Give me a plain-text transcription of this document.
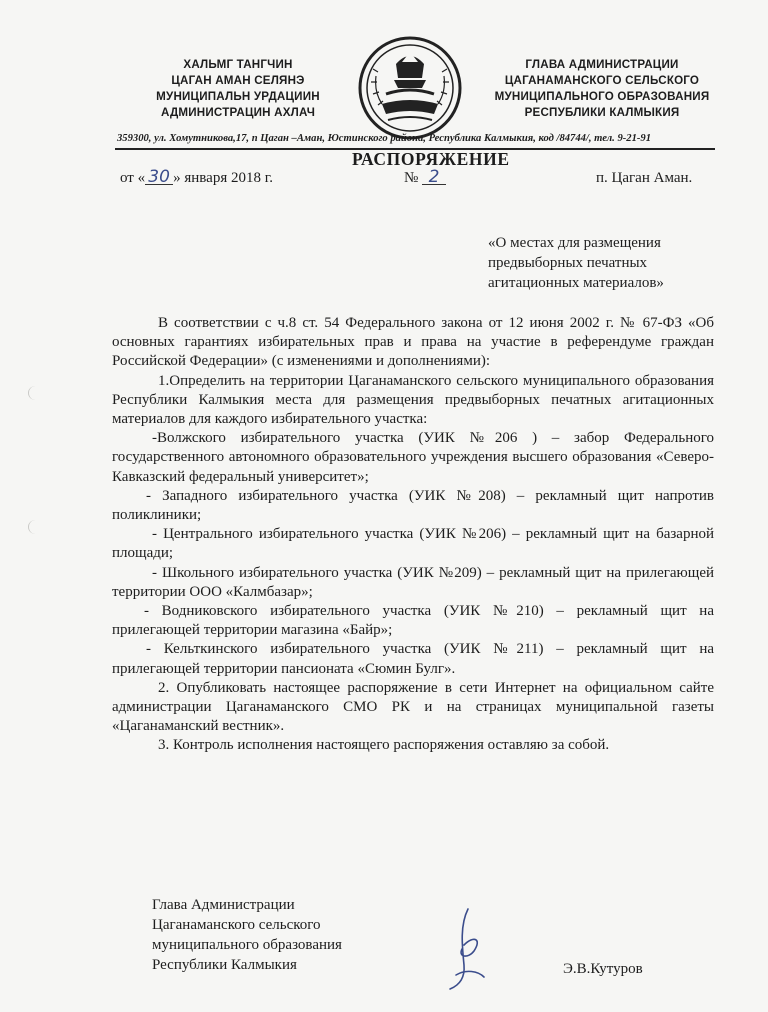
ХАЛЬМГ ТАНГЧИН
ЦАГАН АМАН СЕЛЯНЭ
МУНИЦИПАЛЬН УРДАЦИИН
АДМИНИСТРАЦИН АХЛАЧ
ГЛАВА АДМИНИСТРАЦИИ
ЦАГАНАМАНСКОГО СЕЛЬСКОГО
МУНИЦИПАЛЬНОГО ОБРАЗОВАНИЯ
РЕСПУБЛИКИ КАЛМЫКИЯ
359300, ул. Хомутникова,17, п Цаган –Аман, Юстинского района, Республика Калмыкия, код /84744/, тел. 9-21-91
РАСПОРЯЖЕНИЕ
от « 30 » января 2018 г.	№ 2	п. Цаган Аман.
«О местах для размещения
предвыборных печатных
агитационных материалов»

В соответствии с ч.8 ст. 54 Федерального закона от 12 июня 2002 г. № 67-ФЗ «Об основных гарантиях избирательных прав и права на участие в референдуме граждан Российской Федерации» (с изменениями и дополнениями):

1.Определить на территории Цаганаманского сельского муниципального образования Республики Калмыкия места для размещения предвыборных печатных агитационных материалов для каждого избирательного участка:

-Волжского избирательного участка (УИК №206 ) – забор Федерального государственного автономного образовательного учреждения высшего образования «Северо-Кавказский федеральный университет»;

- Западного избирательного участка (УИК №208) – рекламный щит напротив поликлиники;

- Центрального избирательного участка (УИК №206) – рекламный щит на базарной площади;

- Школьного избирательного участка (УИК №209) – рекламный щит на прилегающей территории ООО «Калмбазар»;

- Водниковского избирательного участка (УИК №210) – рекламный щит на прилегающей территории магазина «Байр»;

- Кельткинского избирательного участка (УИК №211) – рекламный щит на прилегающей территории пансионата «Сюмин Булг».

2. Опубликовать настоящее распоряжение в сети Интернет на официальном сайте администрации Цаганаманского СМО РК и на страницах муниципальной газеты «Цаганаманский вестник».

3. Контроль исполнения настоящего распоряжения оставляю за собой.

Глава Администрации
Цаганаманского сельского
муниципального образования
Республики Калмыкия	Э.В.Кутуров
